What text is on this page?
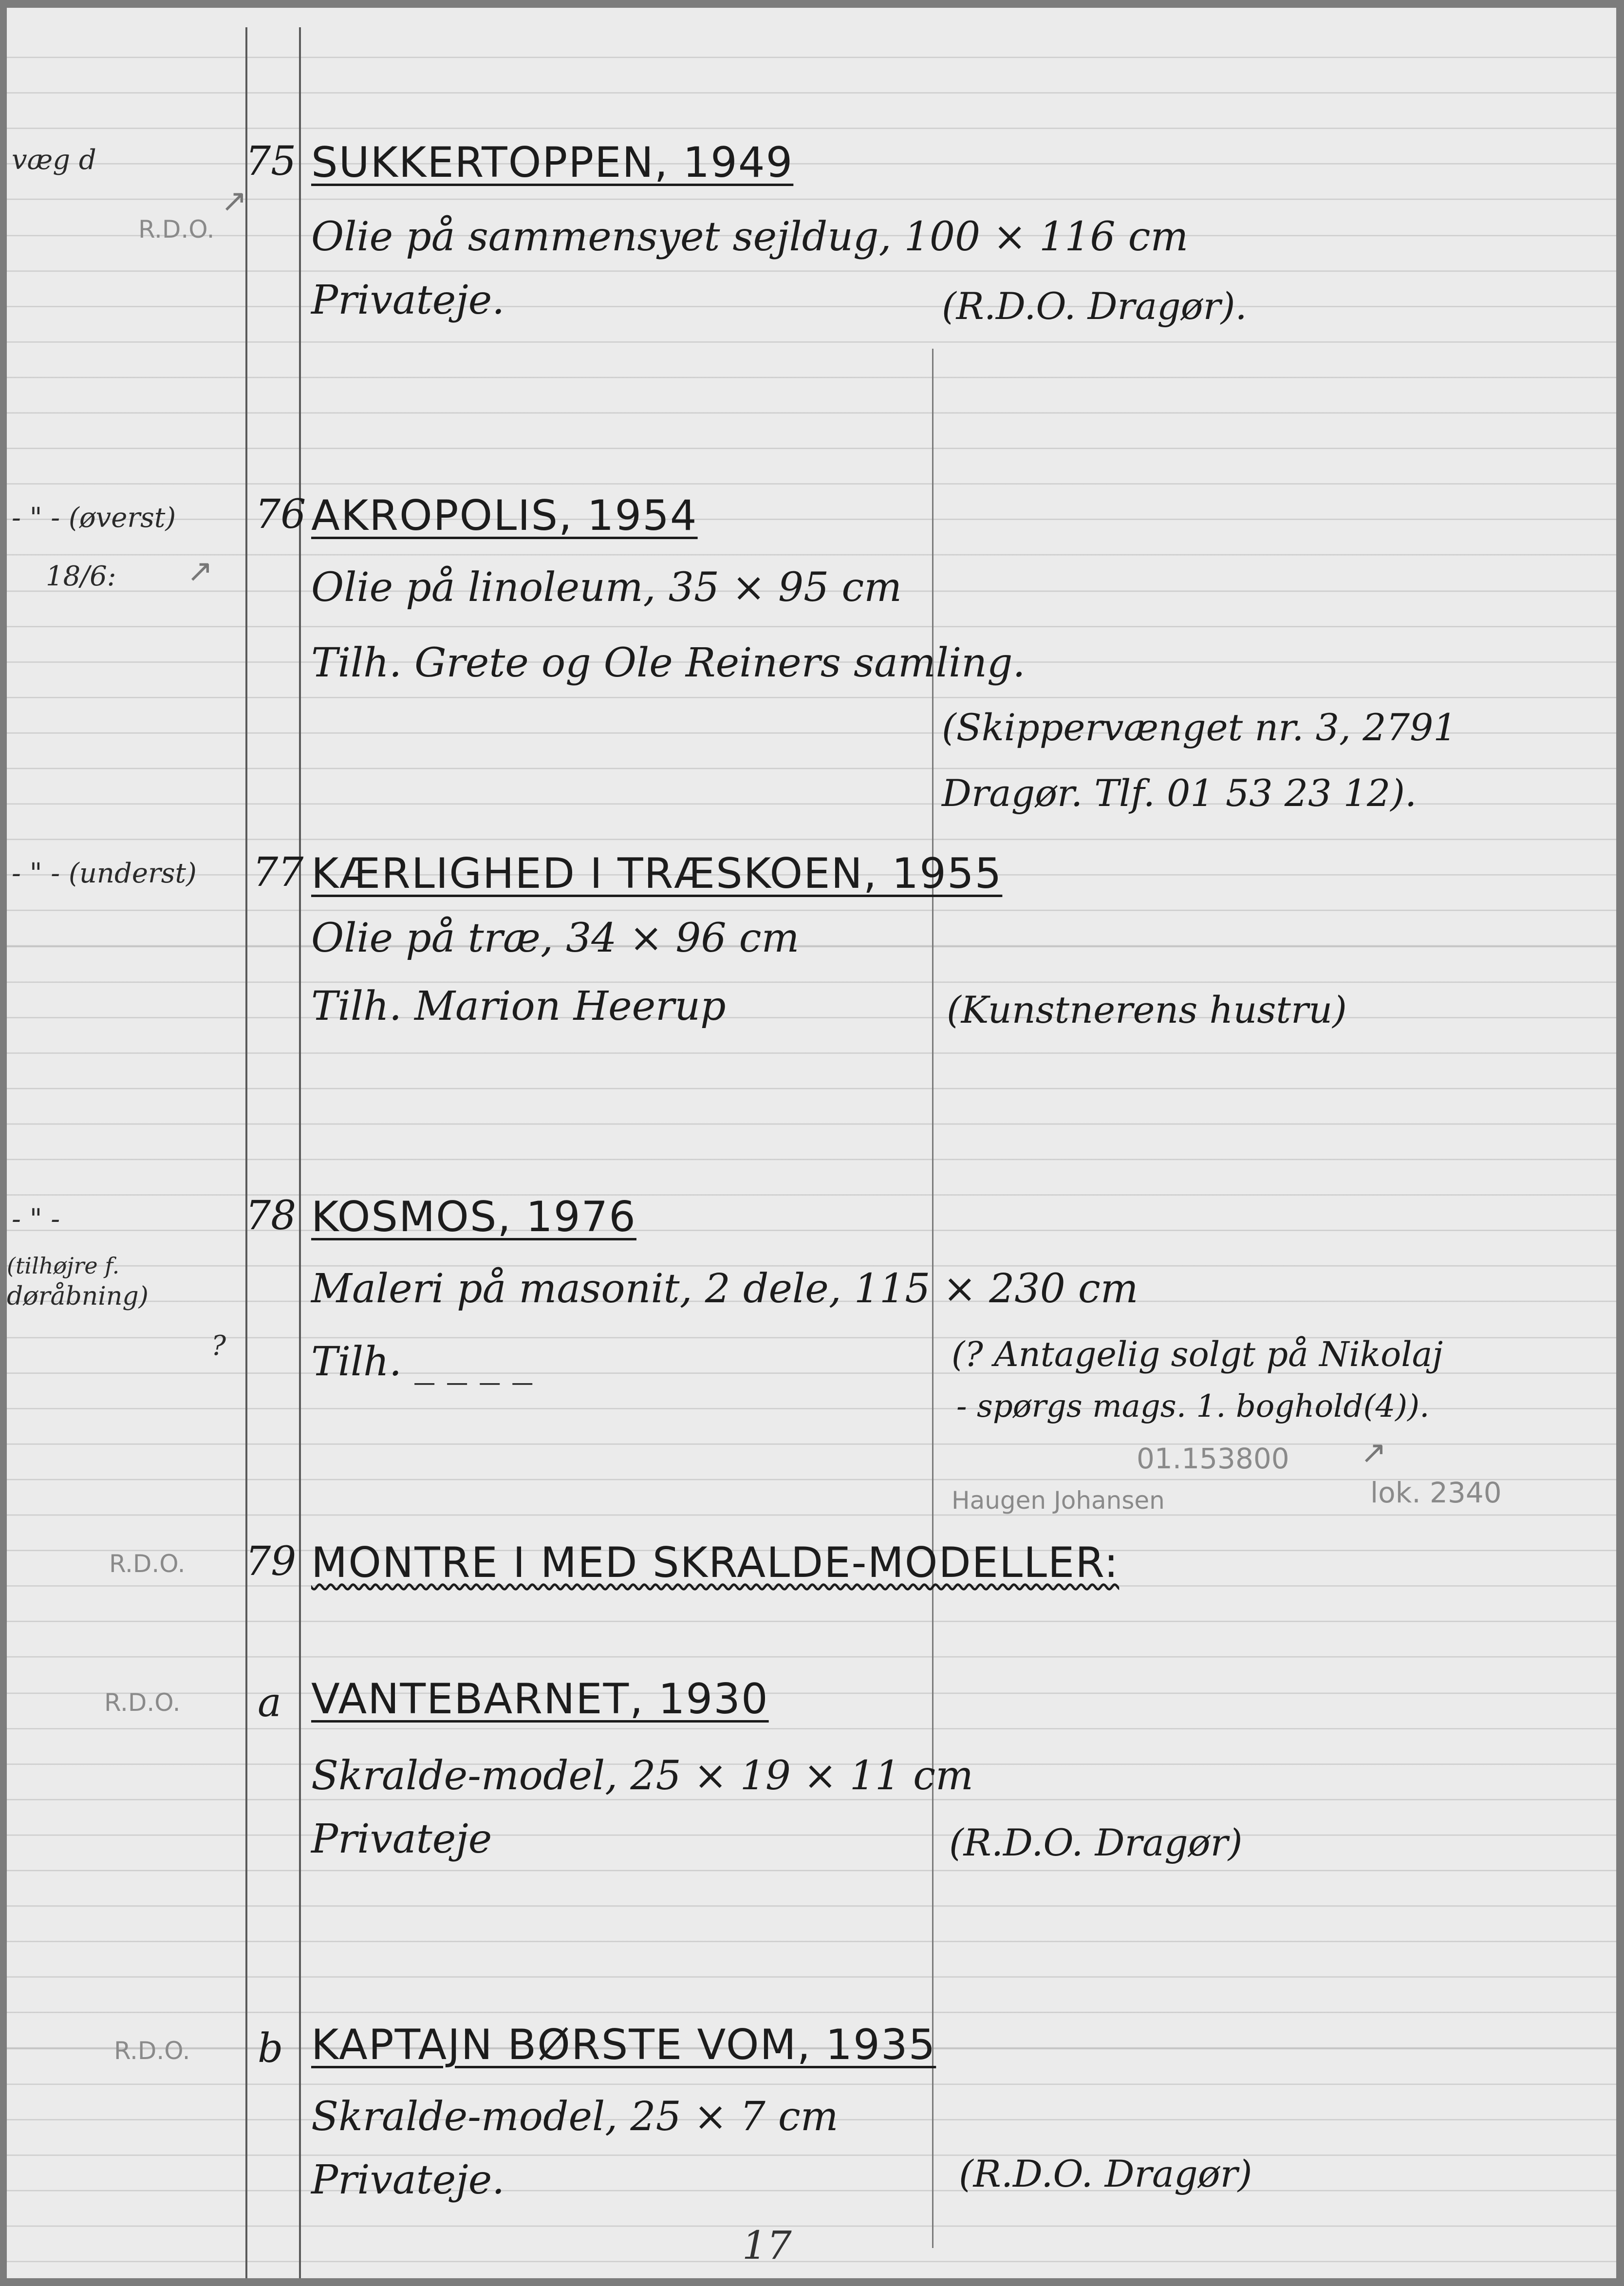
væg d
R.D.O.
↗
75 SUKKERTOPPEN, 1949
Olie på sammensyet sejldug, 100 × 116 cm
Privateje.	(R.D.O. Dragør).
- " - (øverst)
18/6: ↗
76 AKROPOLIS, 1954
Olie på linoleum, 35 × 95 cm
Tilh. Grete og Ole Reiners samling.
(Skippervænget nr. 3, 2791
Dragør. Tlf. 01 53 23 12).
- " - (underst) 77 KÆRLIGHED I TRÆSKOEN, 1955
Olie på træ, 34 × 96 cm
Tilh. Marion Heerup	(Kunstnerens hustru)
- " -
(tilhøjre f.
døråbning)
?
78 KOSMOS, 1976
Maleri på masonit, 2 dele, 115 × 230 cm
Tilh. _ _ _ _	(? Antagelig solgt på Nikolaj
- spørgs mags. 1. boghold(4)).
01.153800
Haugen Johansen	lok. 2340
↗
R.D.O. 79 MONTRE I MED SKRALDE-MODELLER:
R.D.O. a VANTEBARNET, 1930
Skralde-model, 25 × 19 × 11 cm
Privateje	(R.D.O. Dragør)
R.D.O. b KAPTAJN BØRSTE VOM, 1935
Skralde-model, 25 × 7 cm
Privateje.	(R.D.O. Dragør)
17
